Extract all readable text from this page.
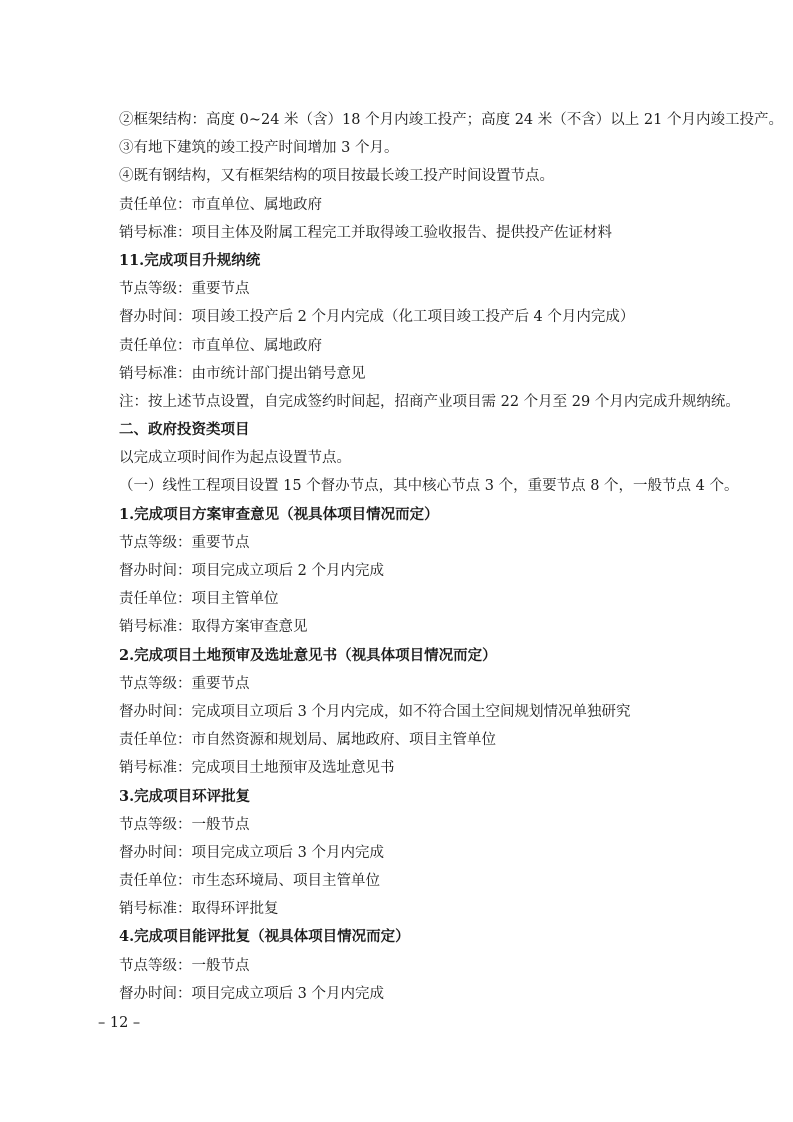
②框架结构：高度 0~24 米（含）18 个月内竣工投产；高度 24 米（不含）以上 21 个月内竣工投产。
③有地下建筑的竣工投产时间增加 3 个月。
④既有钢结构，又有框架结构的项目按最长竣工投产时间设置节点。
责任单位：市直单位、属地政府
销号标准：项目主体及附属工程完工并取得竣工验收报告、提供投产佐证材料
11.完成项目升规纳统
节点等级：重要节点
督办时间：项目竣工投产后 2 个月内完成（化工项目竣工投产后 4 个月内完成）
责任单位：市直单位、属地政府
销号标准：由市统计部门提出销号意见
注：按上述节点设置，自完成签约时间起，招商产业项目需 22 个月至 29 个月内完成升规纳统。
二、政府投资类项目
以完成立项时间作为起点设置节点。
（一）线性工程项目设置 15 个督办节点，其中核心节点 3 个，重要节点 8 个，一般节点 4 个。
1.完成项目方案审查意见（视具体项目情况而定）
节点等级：重要节点
督办时间：项目完成立项后 2 个月内完成
责任单位：项目主管单位
销号标准：取得方案审查意见
2.完成项目土地预审及选址意见书（视具体项目情况而定）
节点等级：重要节点
督办时间：完成项目立项后 3 个月内完成，如不符合国土空间规划情况单独研究
责任单位：市自然资源和规划局、属地政府、项目主管单位
销号标准：完成项目土地预审及选址意见书
3.完成项目环评批复
节点等级：一般节点
督办时间：项目完成立项后 3 个月内完成
责任单位：市生态环境局、项目主管单位
销号标准：取得环评批复
4.完成项目能评批复（视具体项目情况而定）
节点等级：一般节点
督办时间：项目完成立项后 3 个月内完成
– 12 –
